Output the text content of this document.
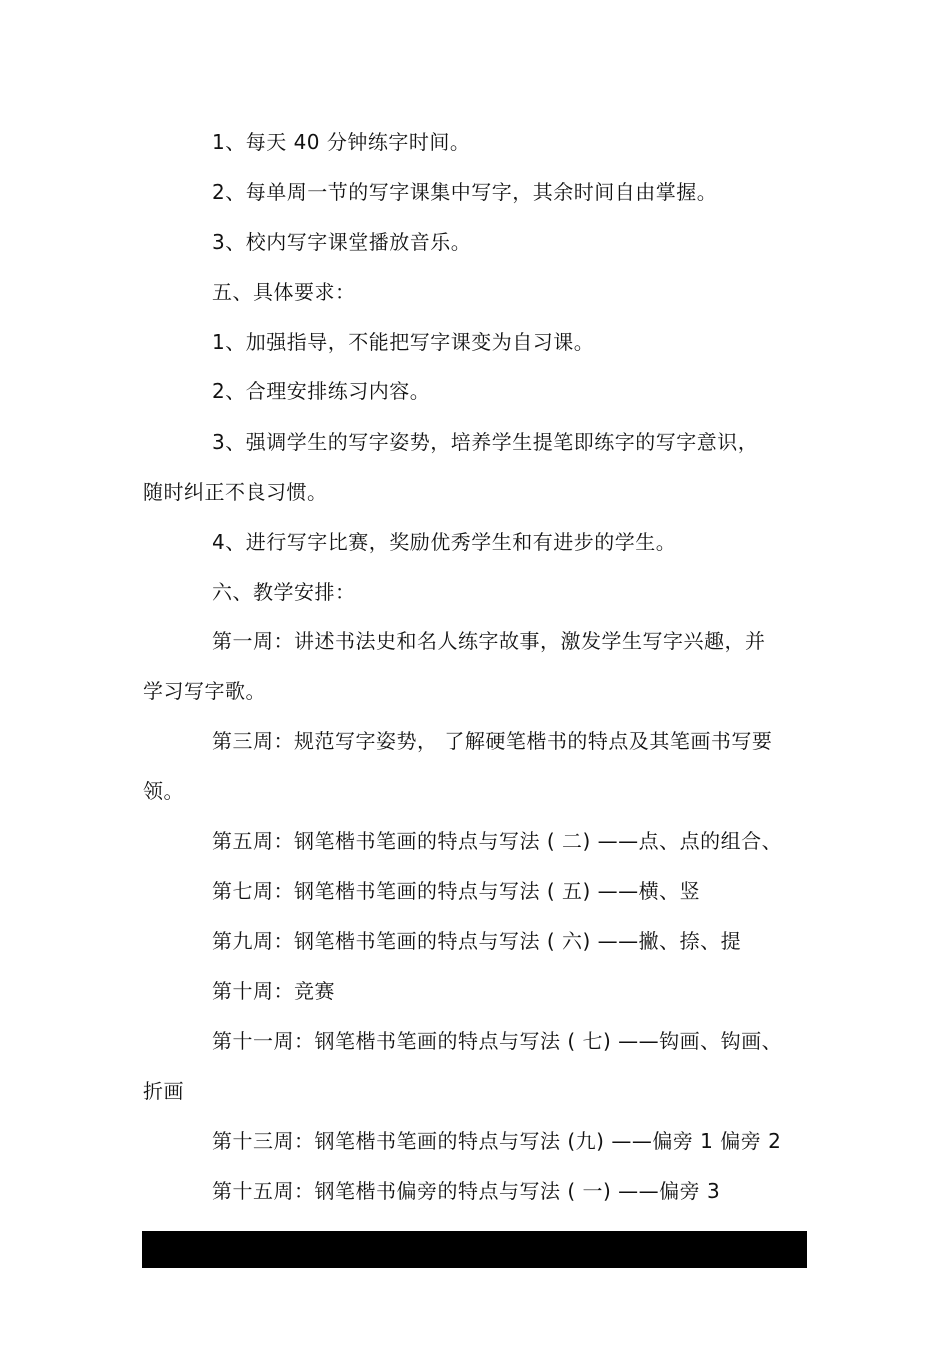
1、每天 40 分钟练字时间。
2、每单周一节的写字课集中写字，其余时间自由掌握。
3、校内写字课堂播放音乐。
五、具体要求：
1、加强指导，不能把写字课变为自习课。
2、合理安排练习内容。
3、强调学生的写字姿势，培养学生提笔即练字的写字意识，
随时纠正不良习惯。
4、进行写字比赛，奖励优秀学生和有进步的学生。
六、教学安排：
第一周：讲述书法史和名人练字故事，激发学生写字兴趣，并
学习写字歌。
第三周：规范写字姿势， 了解硬笔楷书的特点及其笔画书写要
领。
第五周：钢笔楷书笔画的特点与写法 ( 二) ——点、点的组合、
第七周：钢笔楷书笔画的特点与写法 ( 五) ——横、竖
第九周：钢笔楷书笔画的特点与写法 ( 六) ——撇、捺、提
第十周：竞赛
第十一周：钢笔楷书笔画的特点与写法 ( 七) ——钩画、钩画、
折画
第十三周：钢笔楷书笔画的特点与写法 (九) ——偏旁 1 偏旁 2
第十五周：钢笔楷书偏旁的特点与写法 ( 一) ——偏旁 3
